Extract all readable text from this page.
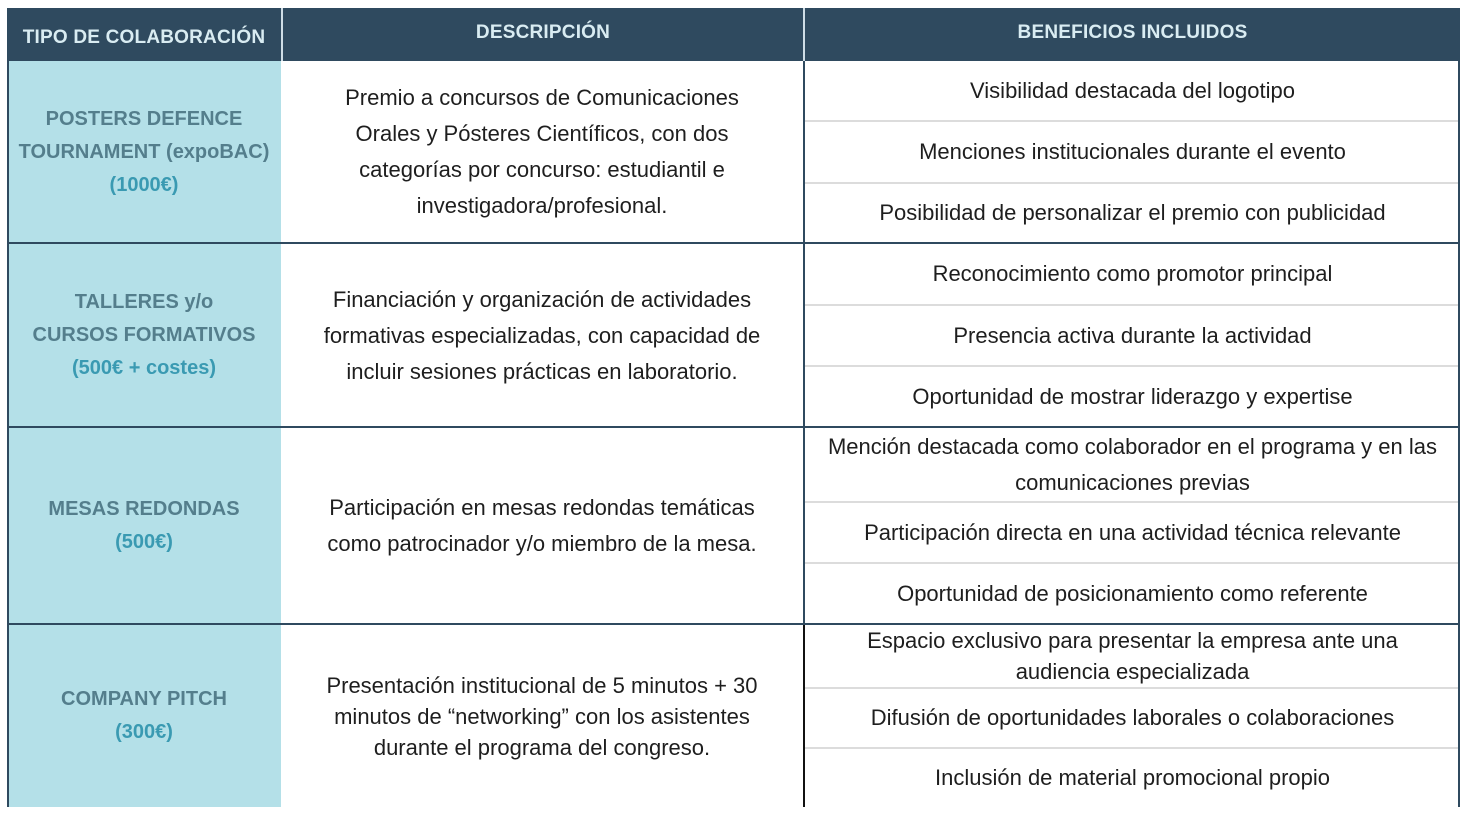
TIPO DE COLABORACIÓN	DESCRIPCIÓN	BENEFICIOS INCLUIDOS
POSTERS DEFENCE TOURNAMENT (expoBAC)
(1000€)
Premio a concursos de Comunicaciones Orales y Pósteres Científicos, con dos categorías por concurso: estudiantil e investigadora/profesional.
Visibilidad destacada del logotipo
Menciones institucionales durante el evento
Posibilidad de personalizar el premio con publicidad
TALLERES y/o CURSOS FORMATIVOS
(500€ + costes)
Financiación y organización de actividades formativas especializadas, con capacidad de incluir sesiones prácticas en laboratorio.
Reconocimiento como promotor principal
Presencia activa durante la actividad
Oportunidad de mostrar liderazgo y expertise
MESAS REDONDAS
(500€)
Participación en mesas redondas temáticas como patrocinador y/o miembro de la mesa.
Mención destacada como colaborador en el programa y en las comunicaciones previas
Participación directa en una actividad técnica relevante
Oportunidad de posicionamiento como referente
COMPANY PITCH
(300€)
Presentación institucional de 5 minutos + 30 minutos de “networking” con los asistentes durante el programa del congreso.
Espacio exclusivo para presentar la empresa ante una audiencia especializada
Difusión de oportunidades laborales o colaboraciones
Inclusión de material promocional propio
